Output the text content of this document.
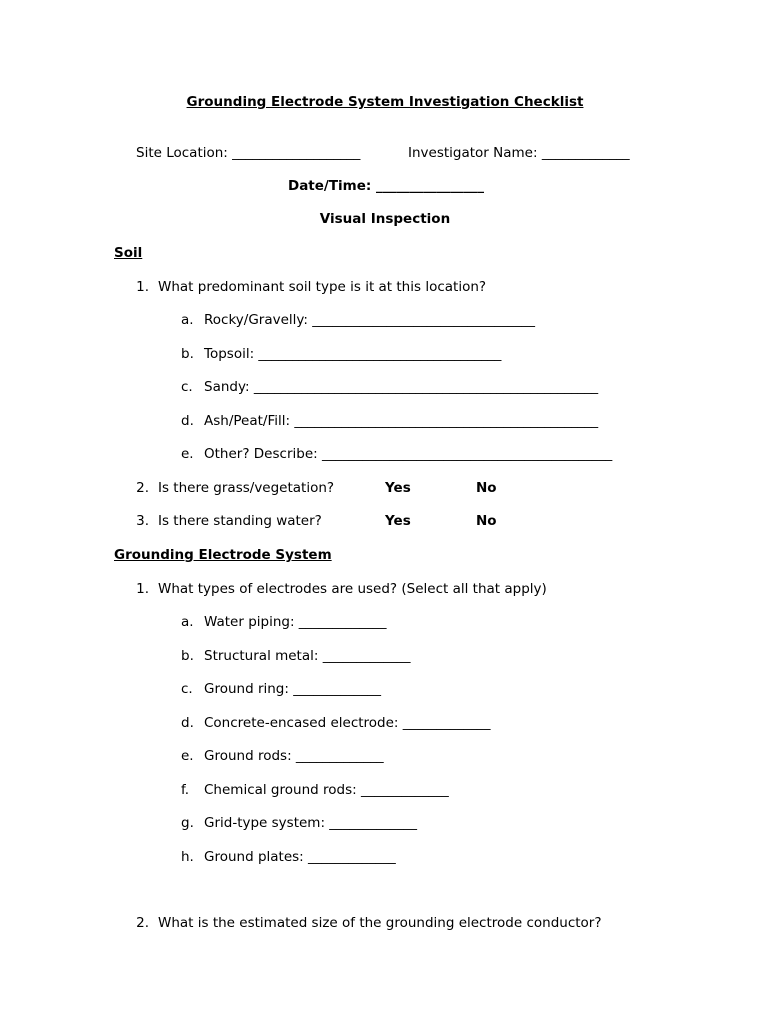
Grounding Electrode System Investigation Checklist
Site Location: ___________________	Investigator Name: _____________
Date/Time: ________________
Visual Inspection
Soil
1. What predominant soil type is it at this location?
a. Rocky/Gravelly: _________________________________
b. Topsoil: ____________________________________
c. Sandy: ___________________________________________________
d. Ash/Peat/Fill: _____________________________________________
e. Other? Describe: ___________________________________________
2. Is there grass/vegetation?	Yes	No
3. Is there standing water?	Yes	No
Grounding Electrode System
1. What types of electrodes are used? (Select all that apply)
a. Water piping: _____________
b. Structural metal: _____________
c. Ground ring: _____________
d. Concrete-encased electrode: _____________
e. Ground rods: _____________
f. Chemical ground rods: _____________
g. Grid-type system: _____________
h. Ground plates: _____________
2. What is the estimated size of the grounding electrode conductor?
